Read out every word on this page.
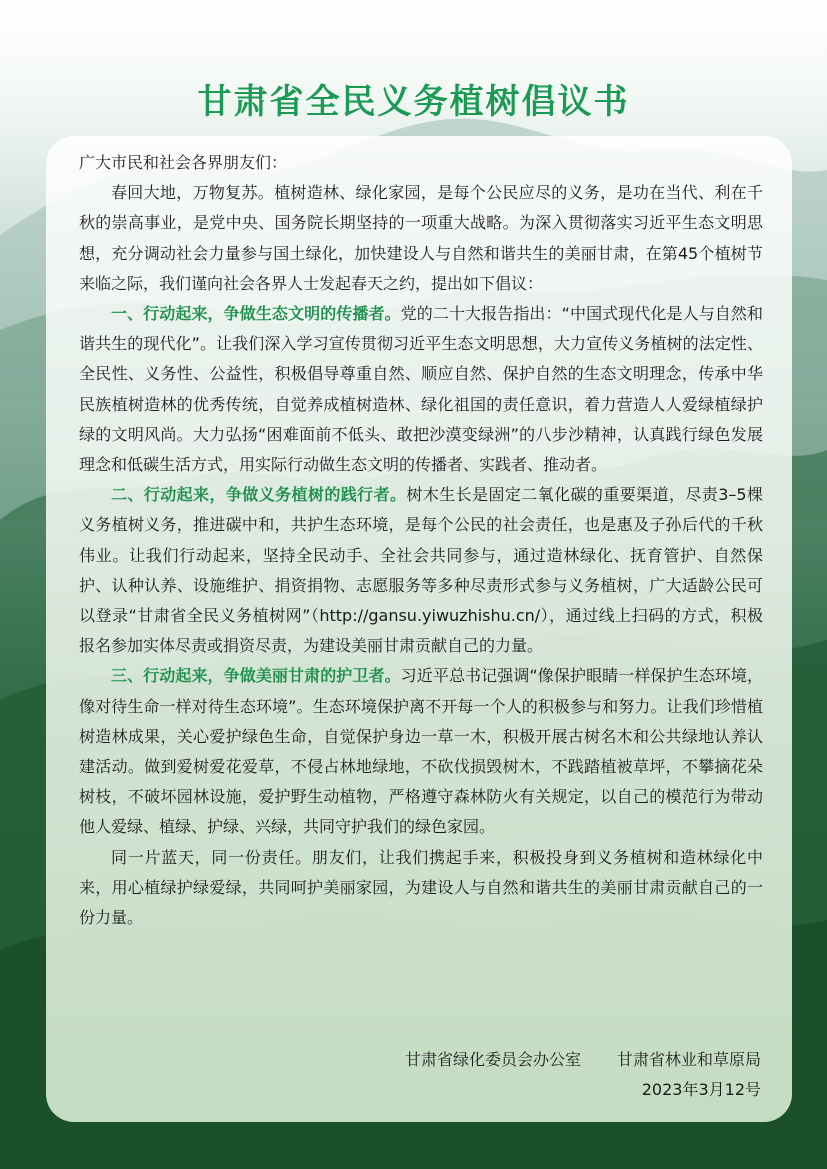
甘肃省全民义务植树倡议书

广大市民和社会各界朋友们：

春回大地，万物复苏。植树造林、绿化家园，是每个公民应尽的义务，是功在当代、利在千秋的崇高事业，是党中央、国务院长期坚持的一项重大战略。为深入贯彻落实习近平生态文明思想，充分调动社会力量参与国土绿化，加快建设人与自然和谐共生的美丽甘肃，在第45个植树节来临之际，我们谨向社会各界人士发起春天之约，提出如下倡议：

一、行动起来，争做生态文明的传播者。党的二十大报告指出：“中国式现代化是人与自然和谐共生的现代化”。让我们深入学习宣传贯彻习近平生态文明思想，大力宣传义务植树的法定性、全民性、义务性、公益性，积极倡导尊重自然、顺应自然、保护自然的生态文明理念，传承中华民族植树造林的优秀传统，自觉养成植树造林、绿化祖国的责任意识，着力营造人人爱绿植绿护绿的文明风尚。大力弘扬“困难面前不低头、敢把沙漠变绿洲”的八步沙精神，认真践行绿色发展理念和低碳生活方式，用实际行动做生态文明的传播者、实践者、推动者。

二、行动起来，争做义务植树的践行者。树木生长是固定二氧化碳的重要渠道，尽责3–5棵义务植树义务，推进碳中和，共护生态环境，是每个公民的社会责任，也是惠及子孙后代的千秋伟业。让我们行动起来，坚持全民动手、全社会共同参与，通过造林绿化、抚育管护、自然保护、认种认养、设施维护、捐资捐物、志愿服务等多种尽责形式参与义务植树，广大适龄公民可以登录“甘肃省全民义务植树网”（http://gansu.yiwuzhishu.cn/），通过线上扫码的方式，积极报名参加实体尽责或捐资尽责，为建设美丽甘肃贡献自己的力量。

三、行动起来，争做美丽甘肃的护卫者。习近平总书记强调“像保护眼睛一样保护生态环境，像对待生命一样对待生态环境”。生态环境保护离不开每一个人的积极参与和努力。让我们珍惜植树造林成果，关心爱护绿色生命，自觉保护身边一草一木，积极开展古树名木和公共绿地认养认建活动。做到爱树爱花爱草，不侵占林地绿地，不砍伐损毁树木，不践踏植被草坪，不攀摘花朵树枝，不破坏园林设施，爱护野生动植物，严格遵守森林防火有关规定，以自己的模范行为带动他人爱绿、植绿、护绿、兴绿，共同守护我们的绿色家园。

同一片蓝天，同一份责任。朋友们，让我们携起手来，积极投身到义务植树和造林绿化中来，用心植绿护绿爱绿，共同呵护美丽家园，为建设人与自然和谐共生的美丽甘肃贡献自己的一份力量。

甘肃省绿化委员会办公室 甘肃省林业和草原局
2023年3月12号
